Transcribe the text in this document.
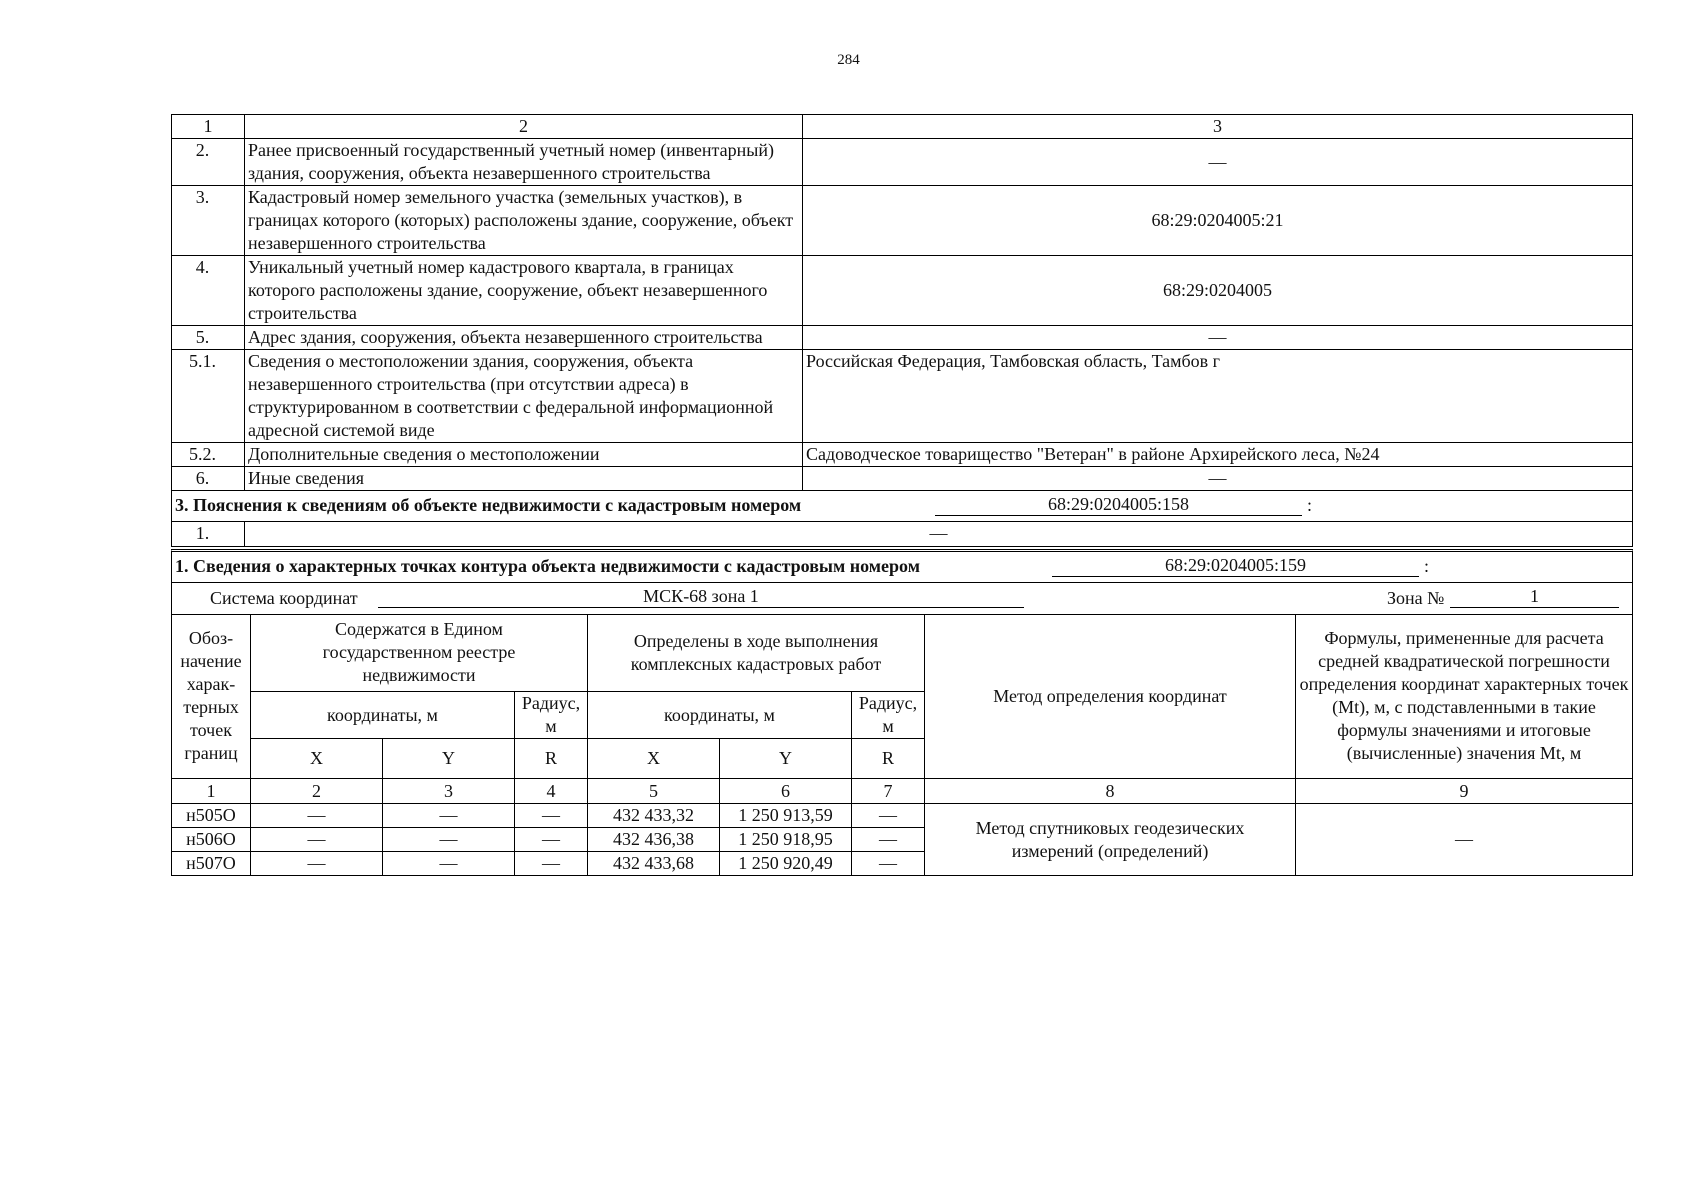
284
1	2	3
2.	Ранее присвоенный государственный учетный номер (инвентарный) здания, сооружения, объекта незавершенного строительства	—
3.	Кадастровый номер земельного участка (земельных участков), в границах которого (которых) расположены здание, сооружение, объект незавершенного строительства	68:29:0204005:21
4.	Уникальный учетный номер кадастрового квартала, в границах которого расположены здание, сооружение, объект незавершенного строительства	68:29:0204005
5.	Адрес здания, сооружения, объекта незавершенного строительства	—
5.1.	Сведения о местоположении здания, сооружения, объекта незавершенного строительства (при отсутствии адреса) в структурированном в соответствии с федеральной информационной адресной системой виде	Российская Федерация, Тамбовская область, Тамбов г
5.2.	Дополнительные сведения о местоположении	Садоводческое товарищество "Ветеран" в районе Архирейского леса, №24
6.	Иные сведения	—
3. Пояснения к сведениям об объекте недвижимости с кадастровым номером	68:29:0204005:158	:
1.	—
1. Сведения о характерных точках контура объекта недвижимости с кадастровым номером	68:29:0204005:159	:
Система координат	МСК-68 зона 1	Зона №	1
Обоз-начение харак-терных точек границ	Содержатся в Едином государственном реестре недвижимости			Определены в ходе выполнения комплексных кадастровых работ			Метод определения координат	Формулы, примененные для расчета средней квадратической погрешности определения координат характерных точек (Mt), м, с подставленными в такие формулы значениями и итоговые (вычисленные) значения Mt, м
	координаты, м		Радиус, м	координаты, м		Радиус, м		
	X	Y	R	X	Y	R		
1	2	3	4	5	6	7	8	9
н505О	—	—	—	432 433,32	1 250 913,59	—	Метод спутниковых геодезических измерений (определений)	—
н506О	—	—	—	432 436,38	1 250 918,95	—		
н507О	—	—	—	432 433,68	1 250 920,49	—		
